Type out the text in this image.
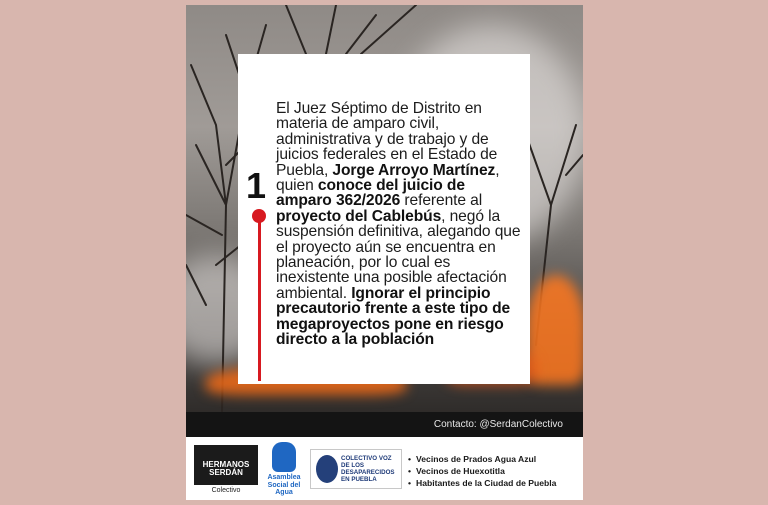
1
El Juez Séptimo de Distrito en materia de amparo civil, administrativa y de trabajo y de juicios federales en el Estado de Puebla, Jorge Arroyo Martínez, quien conoce del juicio de amparo 362/2026 referente al proyecto del Cablebús, negó la suspensión definitiva, alegando que el proyecto aún se encuentra en planeación, por lo cual es inexistente una posible afectación ambiental. Ignorar el principio precautorio frente a este tipo de megaproyectos pone en riesgo directo a la población
Contacto: @SerdanColectivo
HERMANOS SERDÁN
Colectivo
Asamblea Social del Agua
COLECTIVO VOZ DE LOS DESAPARECIDOS EN PUEBLA
• Vecinos de Prados Agua Azul
• Vecinos de Huexotitla
• Habitantes de la Ciudad de Puebla
